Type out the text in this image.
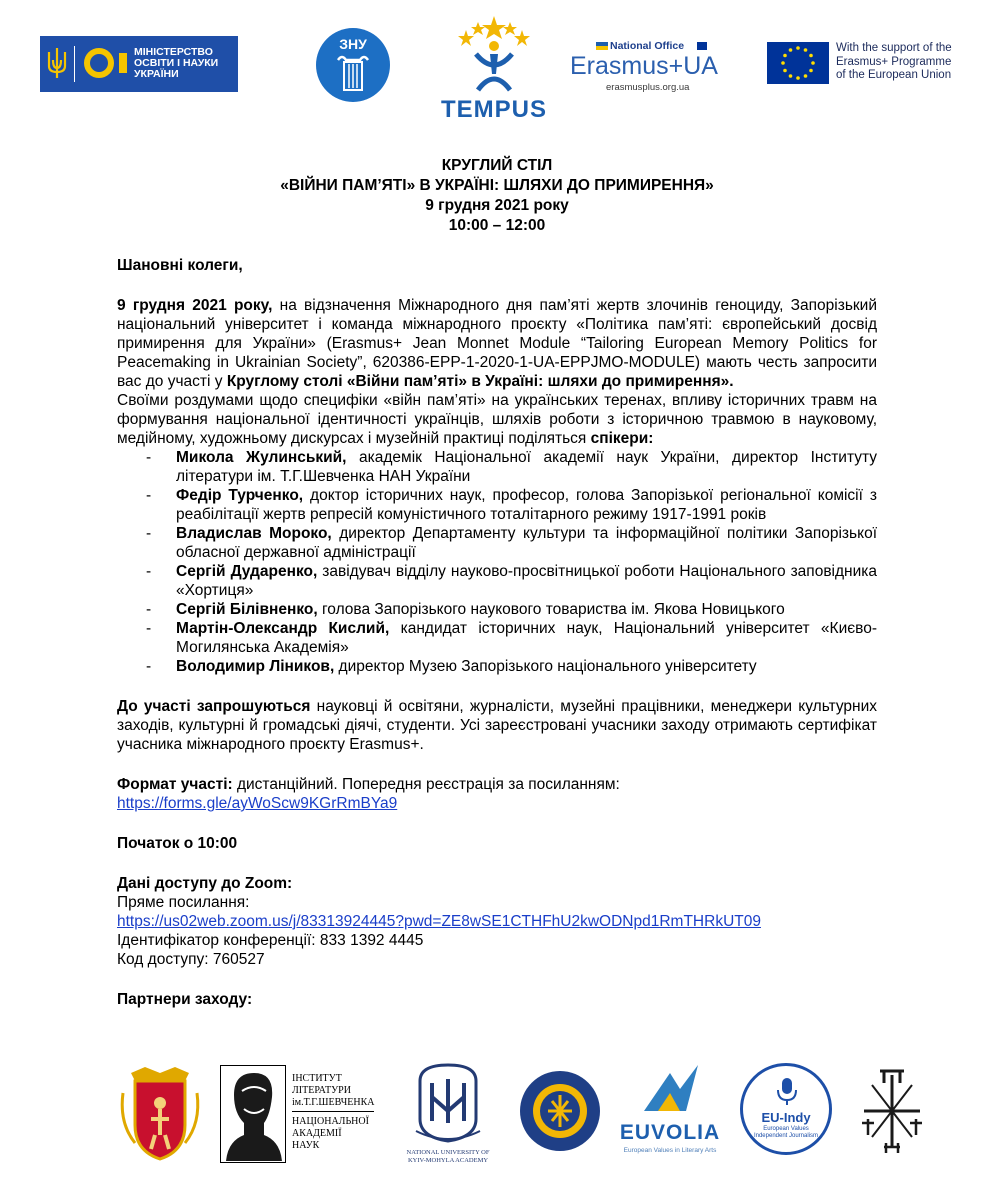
МІНІСТЕРСТВО
ОСВІТИ І НАУКИ
УКРАЇНИ
ЗНУ
TEMPUS
National Office
Erasmus+UA
erasmusplus.org.ua
With the support of the
Erasmus+ Programme
of the European Union
КРУГЛИЙ СТІЛ
«ВІЙНИ ПАМ’ЯТІ» В УКРАЇНІ: ШЛЯХИ ДО ПРИМИРЕННЯ»
9 грудня 2021 року
10:00 – 12:00

Шановні колеги,

9 грудня 2021 року, на відзначення Міжнародного дня пам’яті жертв злочинів геноциду, Запорізький національний університет і команда міжнародного проєкту «Політика пам’яті: європейський досвід примирення для України» (Erasmus+ Jean Monnet Module “Tailoring European Memory Politics for Peacemaking in Ukrainian Society”, 620386-EPP-1-2020-1-UA-EPPJMO-MODULE) мають честь запросити вас до участі у Круглому столі «Війни пам’яті» в Україні: шляхи до примирення».

Своїми роздумами щодо специфіки «війн пам’яті» на українських теренах, впливу історичних травм на формування національної ідентичності українців, шляхів роботи з історичною травмою в науковому, медійному, художньому дискурсах і музейній практиці поділяться спікери:

- Микола Жулинський, академік Національної академії наук України, директор Інституту літератури ім. Т.Г.Шевченка НАН України
- Федір Турченко, доктор історичних наук, професор, голова Запорізької регіональної комісії з реабілітації жертв репресій комуністичного тоталітарного режиму 1917-1991 років
- Владислав Мороко, директор Департаменту культури та інформаційної політики Запорізької обласної державної адміністрації
- Сергій Дударенко, завідувач відділу науково-просвітницької роботи Національного заповідника «Хортиця»
- Сергій Білівненко, голова Запорізького наукового товариства ім. Якова Новицького
- Мартін-Олександр Кислий, кандидат історичних наук, Національний університет «Києво-Могилянська Академія»
- Володимир Ліников, директор Музею Запорізького національного університету

До участі запрошуються науковці й освітяни, журналісти, музейні працівники, менеджери культурних заходів, культурні й громадські діячі, студенти. Усі зареєстровані учасники заходу отримають сертифікат учасника міжнародного проєкту Erasmus+.

Формат участі: дистанційний. Попередня реєстрація за посиланням:

https://forms.gle/ayWoScw9KGrRmBYa9

Початок о 10:00

Дані доступу до Zoom:

Пряме посилання:

https://us02web.zoom.us/j/83313924445?pwd=ZE8wSE1CTHFhU2kwODNpd1RmTHRkUT09

Ідентифікатор конференції: 833 1392 4445

Код доступу: 760527

Партнери заходу:

ІНСТИТУТ
ЛІТЕРАТУРИ
ім.Т.Г.ШЕВЧЕНКА
НАЦІОНАЛЬНОЇ
АКАДЕМІЇ
НАУК
NATIONAL UNIVERSITY OF
KYIV-MOHYLA ACADEMY
EUVOLIA
European Values in Literary Arts
EU-Indy
European Values
Independent Journalism
